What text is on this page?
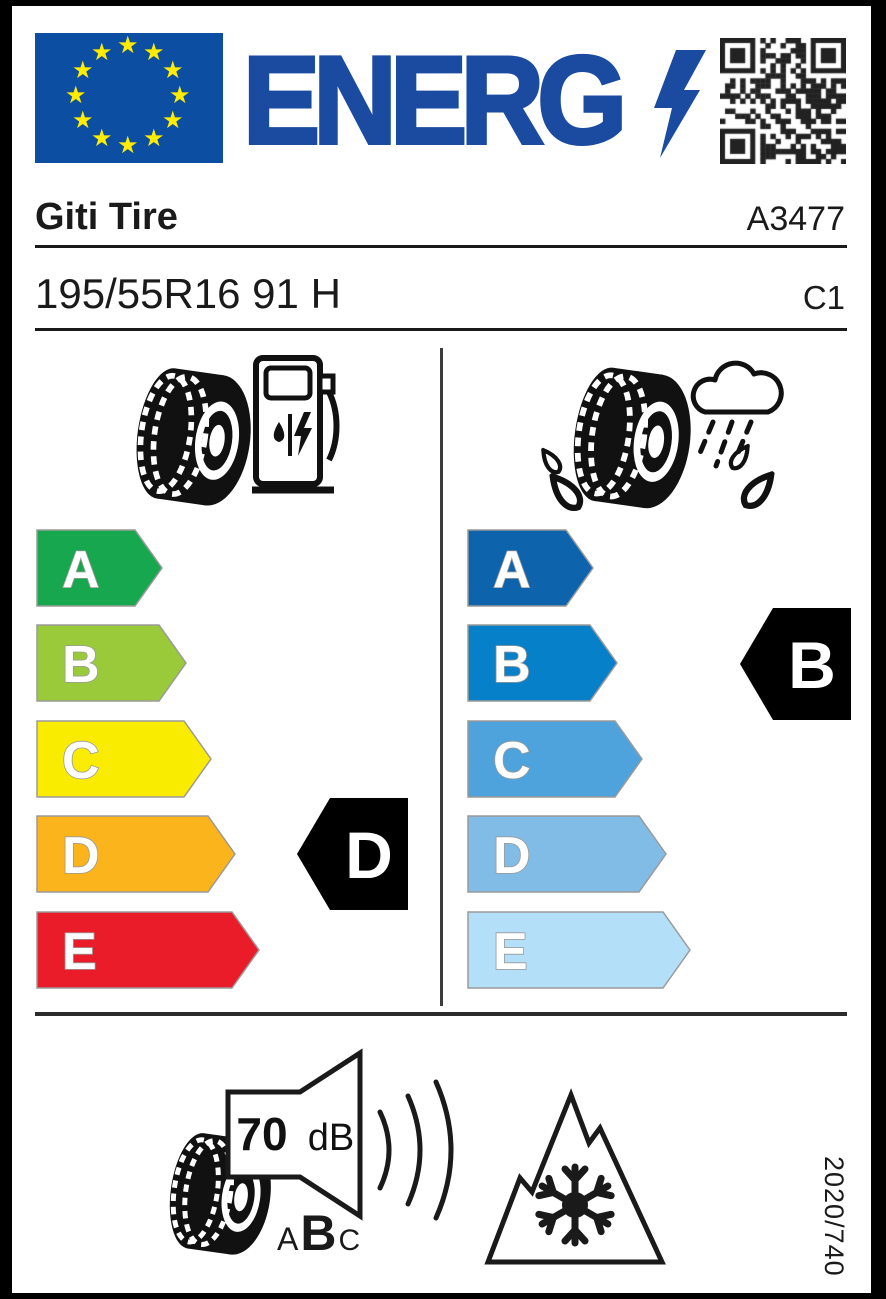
★ ★
★
★
★
★
★
★
★
★
★
★ ENERG
Giti Tire	A3477
195/55R16 91 H	C1
A
B
C
D
E
D
A
B
C
D
E
B
70 dB
ABC	2020/740
